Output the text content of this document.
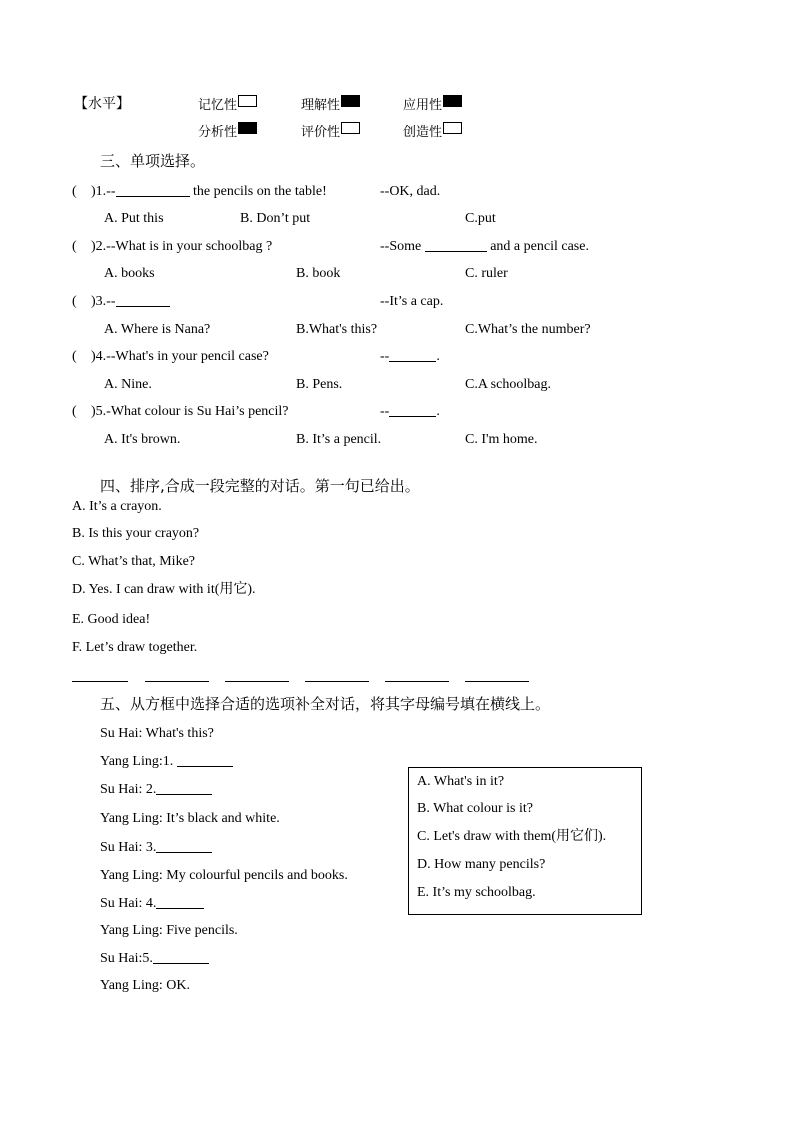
【水平】	记忆性	理解性	应用性
分析性	评价性	创造性
三、单项选择。
( )1.--	the pencils on the table!	--OK, dad.
A. Put this	B. Don’t put	C.put
( )2.--What is in your schoolbag ?	--Some	and a pencil case.
A. books	B. book	C. ruler
( )3.--	--It’s a cap.
A. Where is Nana?	B.What's this?	C.What’s the number?
( )4.--What's in your pencil case?	--	.
A. Nine.	B. Pens.	C.A schoolbag.
( )5.-What colour is Su Hai’s pencil?	--	.
A. It's brown.	B. It’s a pencil.	C. I'm home.
四、排序,合成一段完整的对话。第一句已给出。
A. It’s a crayon.
B. Is this your crayon?
C. What’s that, Mike?
D. Yes. I can draw with it(用它).
E. Good idea!
F. Let’s draw together.
五、从方框中选择合适的选项补全对话，将其字母编号填在横线上。
Su Hai: What's this?
Yang Ling:1.
Su Hai: 2.
Yang Ling: It’s black and white.
Su Hai: 3.
Yang Ling: My colourful pencils and books.
Su Hai: 4.
Yang Ling: Five pencils.
Su Hai:5.
Yang Ling: OK.
A. What's in it?
B. What colour is it?
C. Let's draw with them(用它们).
D. How many pencils?
E. It’s my schoolbag.
